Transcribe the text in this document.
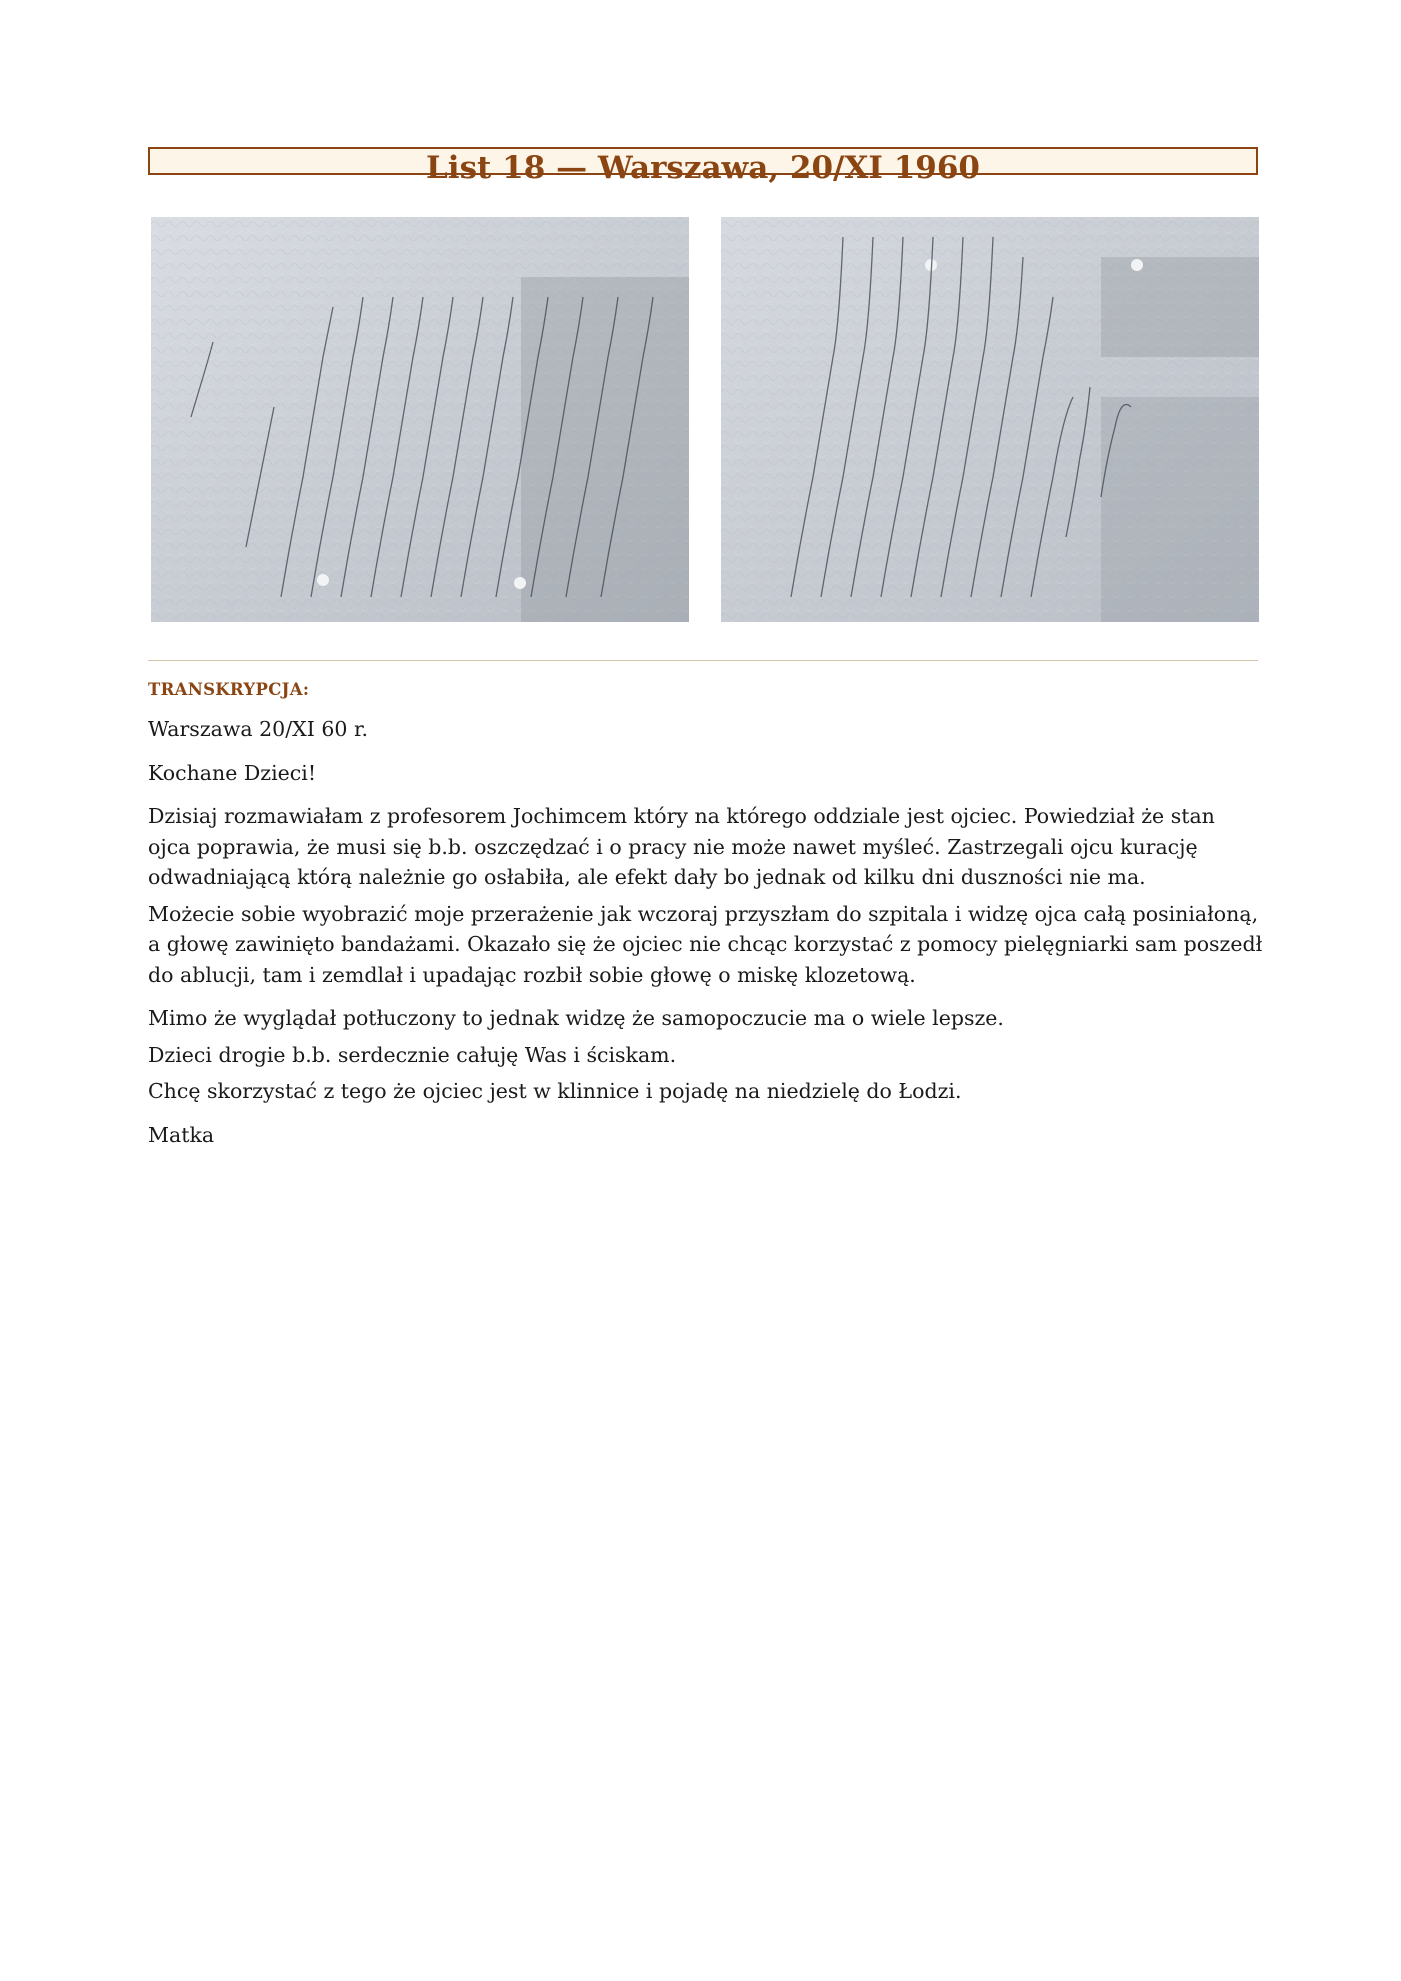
List 18 — Warszawa, 20/XI 1960
TRANSKRYPCJA:

Warszawa 20/XI 60 r.

Kochane Dzieci!

Dzisiaj rozmawiałam z profesorem Jochimcem który na którego oddziale jest ojciec. Powiedział że stan ojca poprawia, że musi się b.b. oszczędzać i o pracy nie może nawet myśleć. Zastrzegali ojcu kurację odwadniającą którą należnie go osłabiła, ale efekt dały bo jednak od kilku dni duszności nie ma.

Możecie sobie wyobrazić moje przerażenie jak wczoraj przyszłam do szpitala i widzę ojca całą posiniałoną, a głowę zawinięto bandażami. Okazało się że ojciec nie chcąc korzystać z pomocy pielęgniarki sam poszedł do ablucji, tam i zemdlał i upadając rozbił sobie głowę o miskę klozetową.

Mimo że wyglądał potłuczony to jednak widzę że samopoczucie ma o wiele lepsze.

Dzieci drogie b.b. serdecznie całuję Was i ściskam.

Chcę skorzystać z tego że ojciec jest w klinnice i pojadę na niedzielę do Łodzi.

Matka
